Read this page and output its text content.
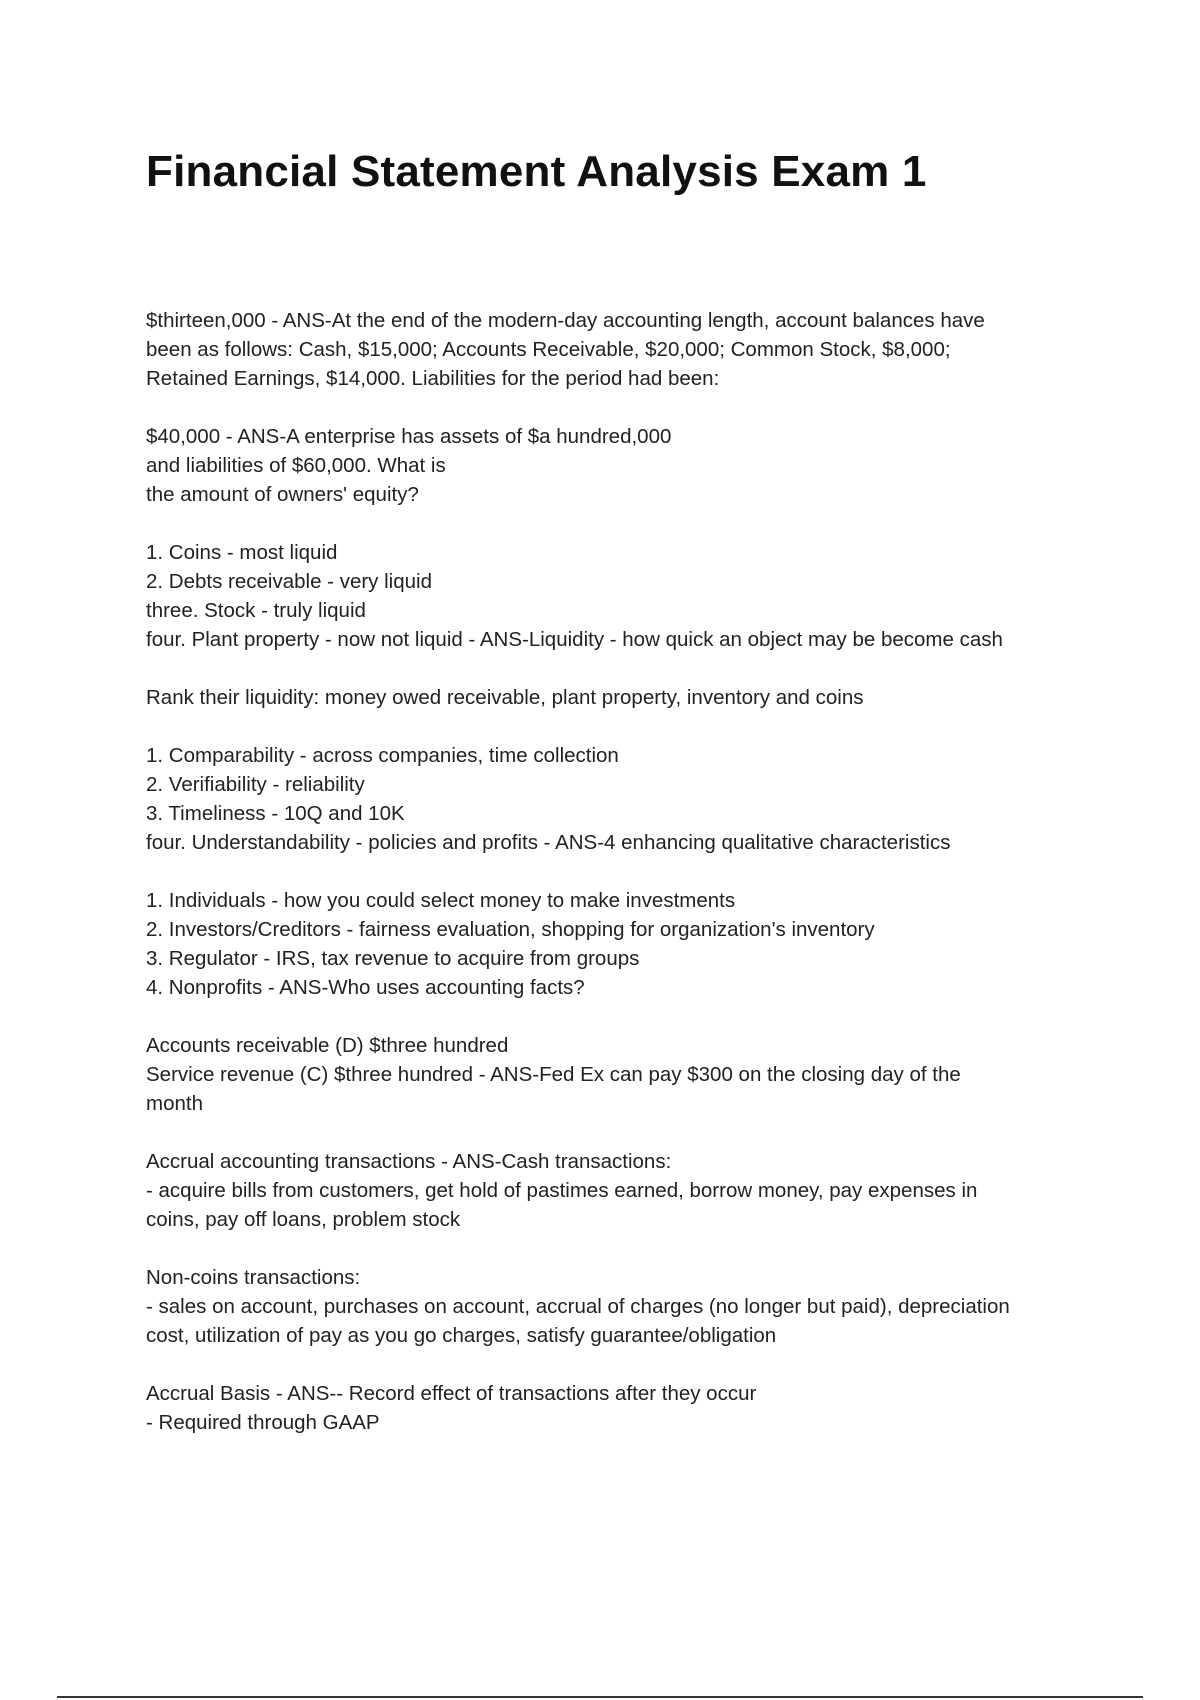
Financial Statement Analysis Exam 1
$thirteen,000 - ANS-At the end of the modern-day accounting length, account balances have
been as follows: Cash, $15,000; Accounts Receivable, $20,000; Common Stock, $8,000;
Retained Earnings, $14,000. Liabilities for the period had been:
$40,000 - ANS-A enterprise has assets of $a hundred,000
and liabilities of $60,000. What is
the amount of owners' equity?
1. Coins - most liquid
2. Debts receivable - very liquid
three. Stock - truly liquid
four. Plant property - now not liquid - ANS-Liquidity - how quick an object may be become cash
Rank their liquidity: money owed receivable, plant property, inventory and coins
1. Comparability - across companies, time collection
2. Verifiability - reliability
3. Timeliness - 10Q and 10K
four. Understandability - policies and profits - ANS-4 enhancing qualitative characteristics
1. Individuals - how you could select money to make investments
2. Investors/Creditors - fairness evaluation, shopping for organization's inventory
3. Regulator - IRS, tax revenue to acquire from groups
4. Nonprofits - ANS-Who uses accounting facts?
Accounts receivable (D) $three hundred
Service revenue (C) $three hundred - ANS-Fed Ex can pay $300 on the closing day of the
month
Accrual accounting transactions - ANS-Cash transactions:
- acquire bills from customers, get hold of pastimes earned, borrow money, pay expenses in
coins, pay off loans, problem stock
Non-coins transactions:
- sales on account, purchases on account, accrual of charges (no longer but paid), depreciation
cost, utilization of pay as you go charges, satisfy guarantee/obligation
Accrual Basis - ANS-- Record effect of transactions after they occur
- Required through GAAP
